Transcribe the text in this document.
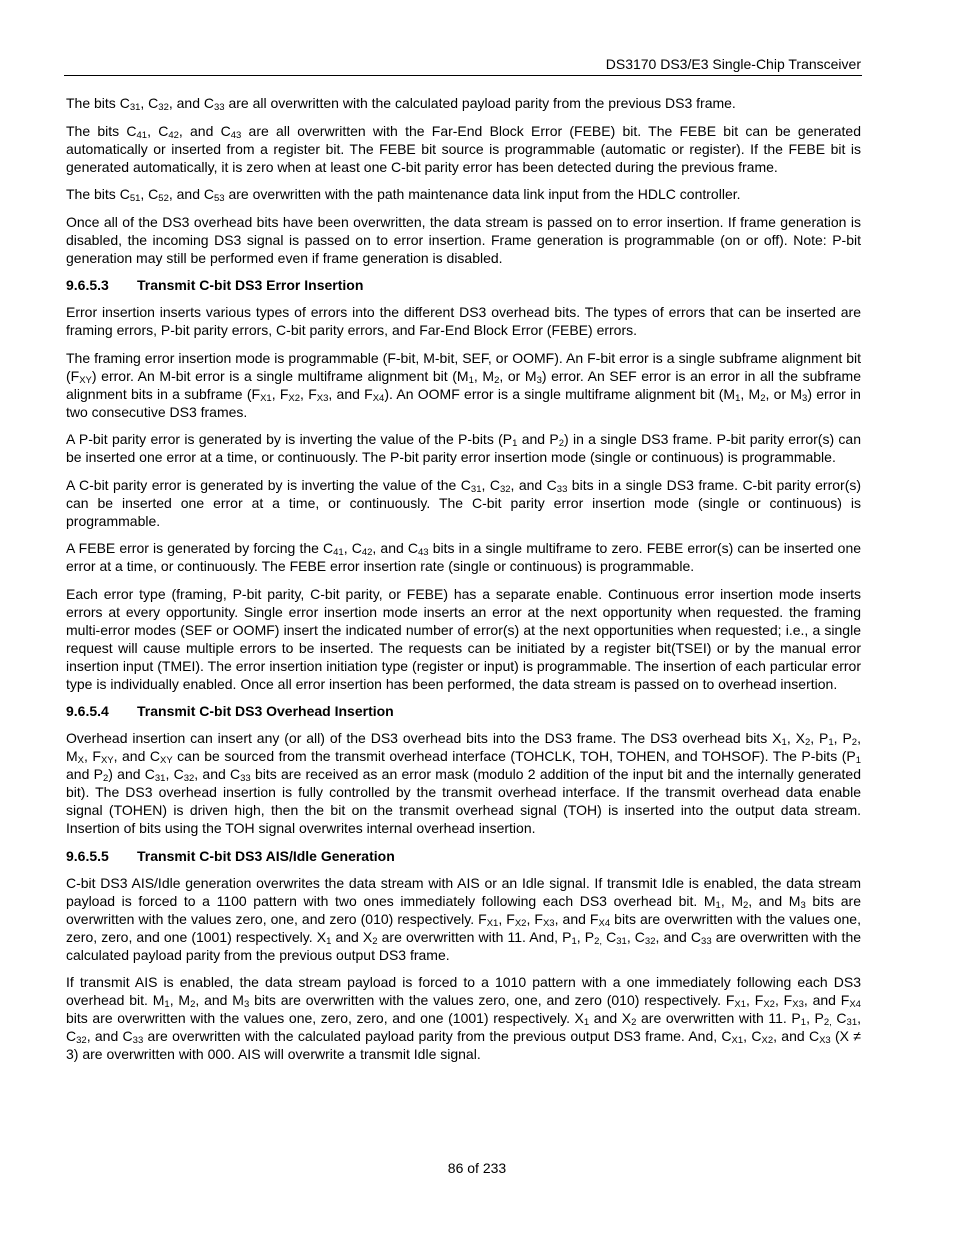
DS3170 DS3/E3 Single-Chip Transceiver

The bits $C_{31}$, $C_{32}$, and $C_{33}$ are all overwritten with the calculated payload parity from the previous DS3 frame.

The bits $C_{41}$, $C_{42}$, and $C_{43}$ are all overwritten with the Far-End Block Error (FEBE) bit. The FEBE bit can be generated automatically or inserted from a register bit. The FEBE bit source is programmable (automatic or register). If the FEBE bit is generated automatically, it is zero when at least one C-bit parity error has been detected during the previous frame.

The bits $C_{51}$, $C_{52}$, and $C_{53}$ are overwritten with the path maintenance data link input from the HDLC controller.

Once all of the DS3 overhead bits have been overwritten, the data stream is passed on to error insertion. If frame generation is disabled, the incoming DS3 signal is passed on to error insertion. Frame generation is programmable (on or off). Note: P-bit generation may still be performed even if frame generation is disabled.

9.6.5.3 Transmit C-bit DS3 Error Insertion

Error insertion inserts various types of errors into the different DS3 overhead bits. The types of errors that can be inserted are framing errors, P-bit parity errors, C-bit parity errors, and Far-End Block Error (FEBE) errors.

The framing error insertion mode is programmable (F-bit, M-bit, SEF, or OOMF). An F-bit error is a single subframe alignment bit $(F_{XY})$ error. An M-bit error is a single multiframe alignment bit ($M_1$, $M_2$, or $M_3$) error. An SEF error is an error in all the subframe alignment bits in a subframe ($F_{X1}$, $F_{X2}$, $F_{X3}$, and $F_{X4}$). An OOMF error is a single multiframe alignment bit ($M_1$, $M_2$, or $M_3$) error in two consecutive DS3 frames.

A P-bit parity error is generated by is inverting the value of the P-bits ($P_1$ and $P_2$) in a single DS3 frame. P-bit parity error(s) can be inserted one error at a time, or continuously. The P-bit parity error insertion mode (single or continuous) is programmable.

A C-bit parity error is generated by is inverting the value of the $C_{31}$, $C_{32}$, and $C_{33}$ bits in a single DS3 frame. C-bit parity error(s) can be inserted one error at a time, or continuously. The C-bit parity error insertion mode (single or continuous) is programmable.

A FEBE error is generated by forcing the $C_{41}$, $C_{42}$, and $C_{43}$ bits in a single multiframe to zero. FEBE error(s) can be inserted one error at a time, or continuously. The FEBE error insertion rate (single or continuous) is programmable.

Each error type (framing, P-bit parity, C-bit parity, or FEBE) has a separate enable. Continuous error insertion mode inserts errors at every opportunity. Single error insertion mode inserts an error at the next opportunity when requested. the framing multi-error modes (SEF or OOMF) insert the indicated number of error(s) at the next opportunities when requested; i.e., a single request will cause multiple errors to be inserted. The requests can be initiated by a register bit(TSEI) or by the manual error insertion input (TMEI). The error insertion initiation type (register or input) is programmable. The insertion of each particular error type is individually enabled. Once all error insertion has been performed, the data stream is passed on to overhead insertion.

9.6.5.4 Transmit C-bit DS3 Overhead Insertion

Overhead insertion can insert any (or all) of the DS3 overhead bits into the DS3 frame. The DS3 overhead bits $X_1$, $X_2$, $P_1$, $P_2$, $M_X$, $F_{XY}$, and $C_{XY}$ can be sourced from the transmit overhead interface (TOHCLK, TOH, TOHEN, and TOHSOF). The P-bits ($P_1$ and $P_2$) and $C_{31}$, $C_{32}$, and $C_{33}$ bits are received as an error mask (modulo 2 addition of the input bit and the internally generated bit). The DS3 overhead insertion is fully controlled by the transmit overhead interface. If the transmit overhead data enable signal (TOHEN) is driven high, then the bit on the transmit overhead signal (TOH) is inserted into the output data stream. Insertion of bits using the TOH signal overwrites internal overhead insertion.

9.6.5.5 Transmit C-bit DS3 AIS/Idle Generation

C-bit DS3 AIS/Idle generation overwrites the data stream with AIS or an Idle signal. If transmit Idle is enabled, the data stream payload is forced to a 1100 pattern with two ones immediately following each DS3 overhead bit. $M_1$, $M_2$, and $M_3$ bits are overwritten with the values zero, one, and zero (010) respectively. $F_{X1}$, $F_{X2}$, $F_{X3}$, and $F_{X4}$ bits are overwritten with the values one, zero, zero, and one (1001) respectively. $X_1$ and $X_2$ are overwritten with 11. And, $P_1$, $P_{2,}$ $C_{31}$, $C_{32}$, and $C_{33}$ are overwritten with the calculated payload parity from the previous output DS3 frame.

If transmit AIS is enabled, the data stream payload is forced to a 1010 pattern with a one immediately following each DS3 overhead bit. $M_1$, $M_2$, and $M_3$ bits are overwritten with the values zero, one, and zero (010) respectively. $F_{X1}$, $F_{X2}$, $F_{X3}$, and $F_{X4}$ bits are overwritten with the values one, zero, zero, and one (1001) respectively. $X_1$ and $X_2$ are overwritten with 11. $P_1$, $P_{2,}$ $C_{31}$, $C_{32}$, and $C_{33}$ are overwritten with the calculated payload parity from the previous output DS3 frame. And, $C_{X1}$, $C_{X2}$, and $C_{X3}$ (X ≠ 3) are overwritten with 000. AIS will overwrite a transmit Idle signal.

86 of 233
